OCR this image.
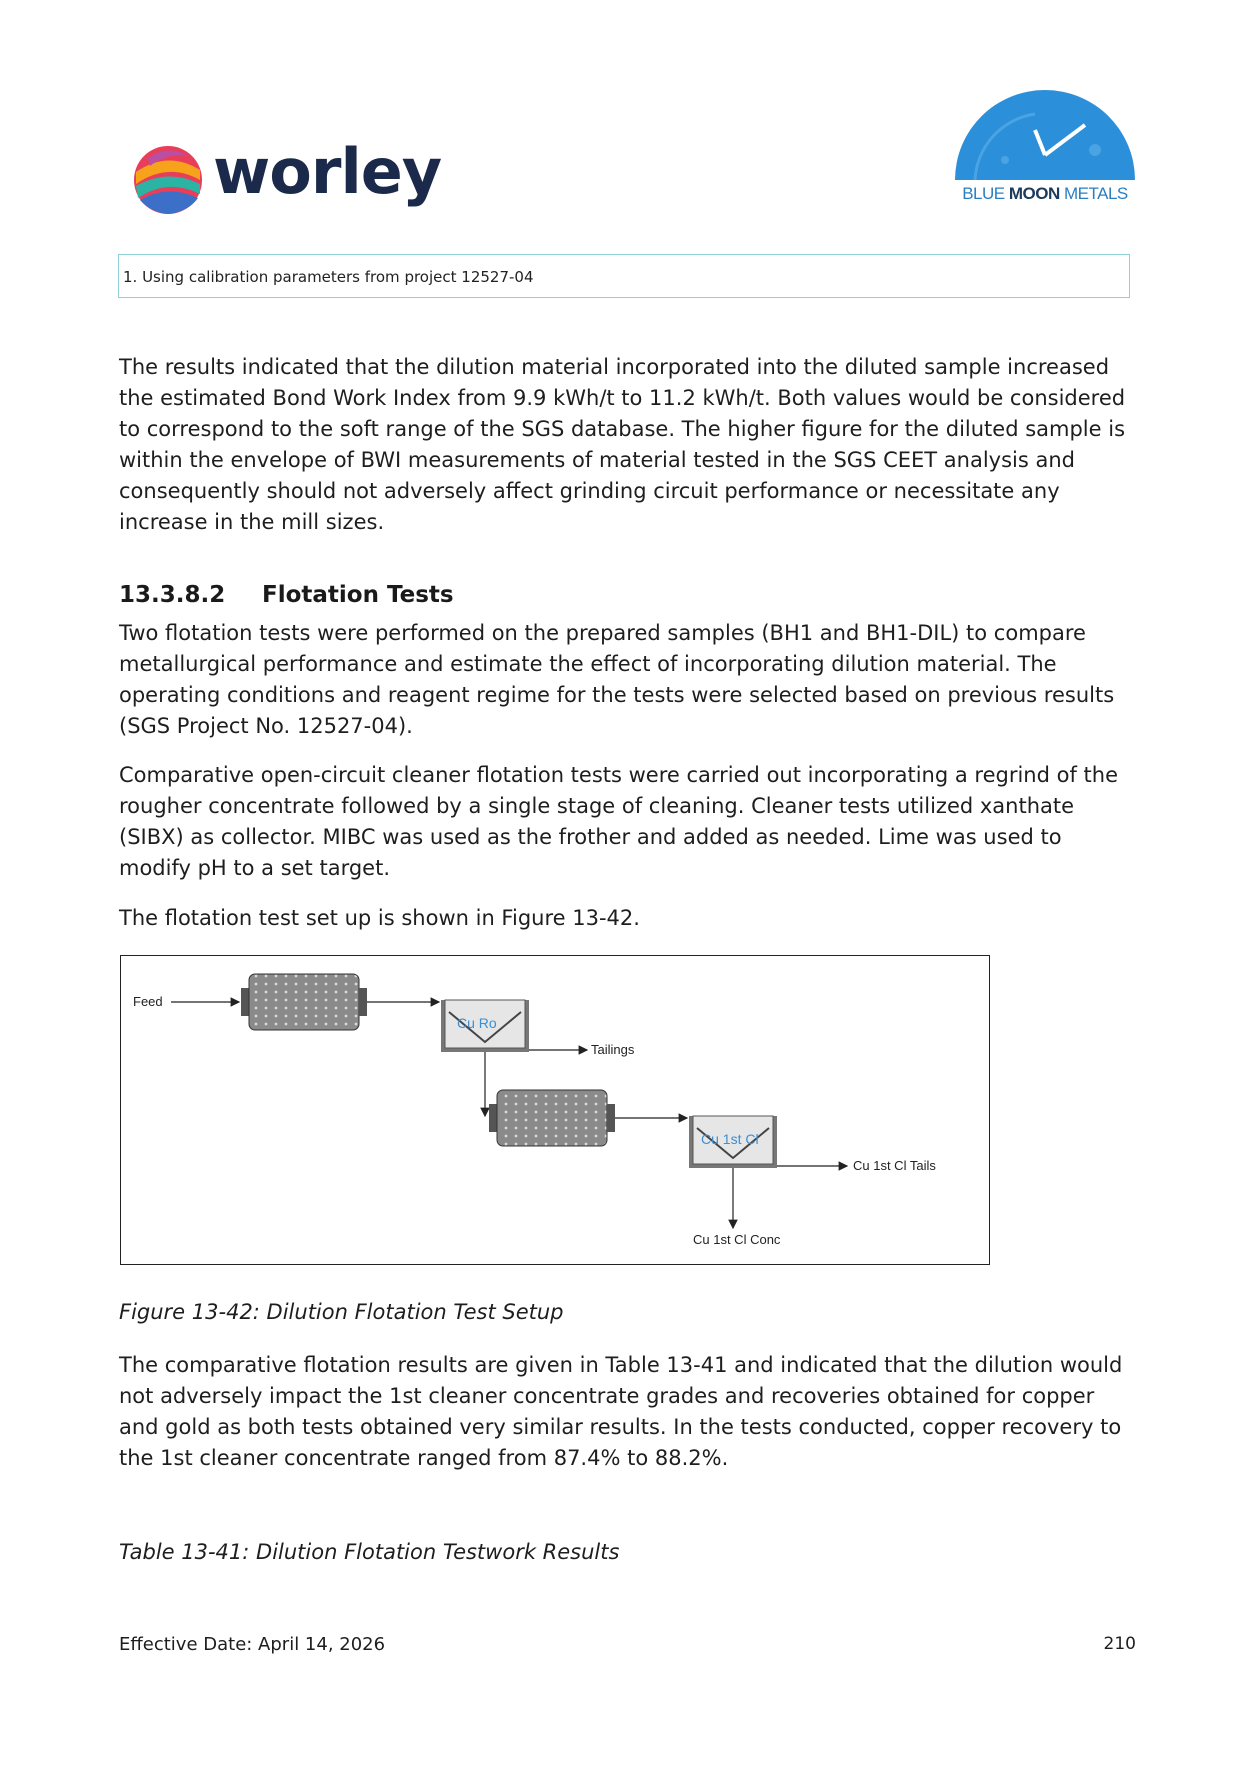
worley	BLUE MOON METALS
1. Using calibration parameters from project 12527-04

The results indicated that the dilution material incorporated into the diluted sample increased the estimated Bond Work Index from 9.9 kWh/t to 11.2 kWh/t. Both values would be considered to correspond to the soft range of the SGS database. The higher figure for the diluted sample is within the envelope of BWI measurements of material tested in the SGS CEET analysis and consequently should not adversely affect grinding circuit performance or necessitate any increase in the mill sizes.

13.3.8.2 Flotation Tests

Two flotation tests were performed on the prepared samples (BH1 and BH1-DIL) to compare metallurgical performance and estimate the effect of incorporating dilution material. The operating conditions and reagent regime for the tests were selected based on previous results (SGS Project No. 12527-04).

Comparative open-circuit cleaner flotation tests were carried out incorporating a regrind of the rougher concentrate followed by a single stage of cleaning. Cleaner tests utilized xanthate (SIBX) as collector. MIBC was used as the frother and added as needed. Lime was used to modify pH to a set target.

The flotation test set up is shown in Figure 13-42.

Feed
Cu Ro
Tailings
Cu 1st Cl
Cu 1st Cl Tails
Cu 1st Cl Conc
Figure 13-42: Dilution Flotation Test Setup

The comparative flotation results are given in Table 13-41 and indicated that the dilution would not adversely impact the 1st cleaner concentrate grades and recoveries obtained for copper and gold as both tests obtained very similar results. In the tests conducted, copper recovery to the 1st cleaner concentrate ranged from 87.4% to 88.2%.

Table 13-41: Dilution Flotation Testwork Results
Effective Date: April 14, 2026	210
